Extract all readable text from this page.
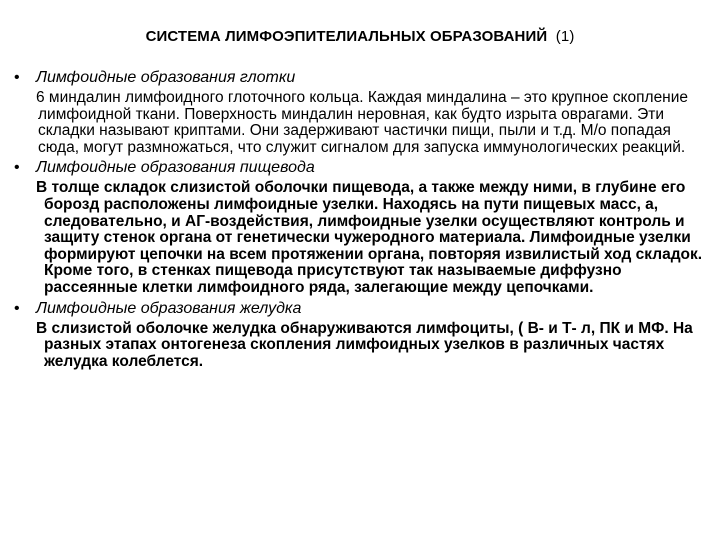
СИСТЕМА ЛИМФОЭПИТЕЛИАЛЬНЫХ ОБРАЗОВАНИЙ (1)
• Лимфоидные образования глотки

6 миндалин лимфоидного глоточного кольца. Каждая миндалина – это крупное скопление лимфоидной ткани. Поверхность миндалин неровная, как будто изрыта оврагами. Эти складки называют криптами. Они задерживают частички пищи, пыли и т.д. М/о попадая сюда, могут размножаться, что служит сигналом для запуска иммунологических реакций.

• Лимфоидные образования пищевода

В толще складок слизистой оболочки пищевода, а также между ними, в глубине его борозд расположены лимфоидные узелки. Находясь на пути пищевых масс, а, следовательно, и АГ-воздействия, лимфоидные узелки осуществляют контроль и защиту стенок органа от генетически чужеродного материала. Лимфоидные узелки формируют цепочки на всем протяжении органа, повторяя извилистый ход складок. Кроме того, в стенках пищевода присутствуют так называемые диффузно рассеянные клетки лимфоидного ряда, залегающие между цепочками.

• Лимфоидные образования желудка

В слизистой оболочке желудка обнаруживаются лимфоциты, ( В- и Т- л, ПК и МФ. На разных этапах онтогенеза скопления лимфоидных узелков в различных частях желудка колеблется.
